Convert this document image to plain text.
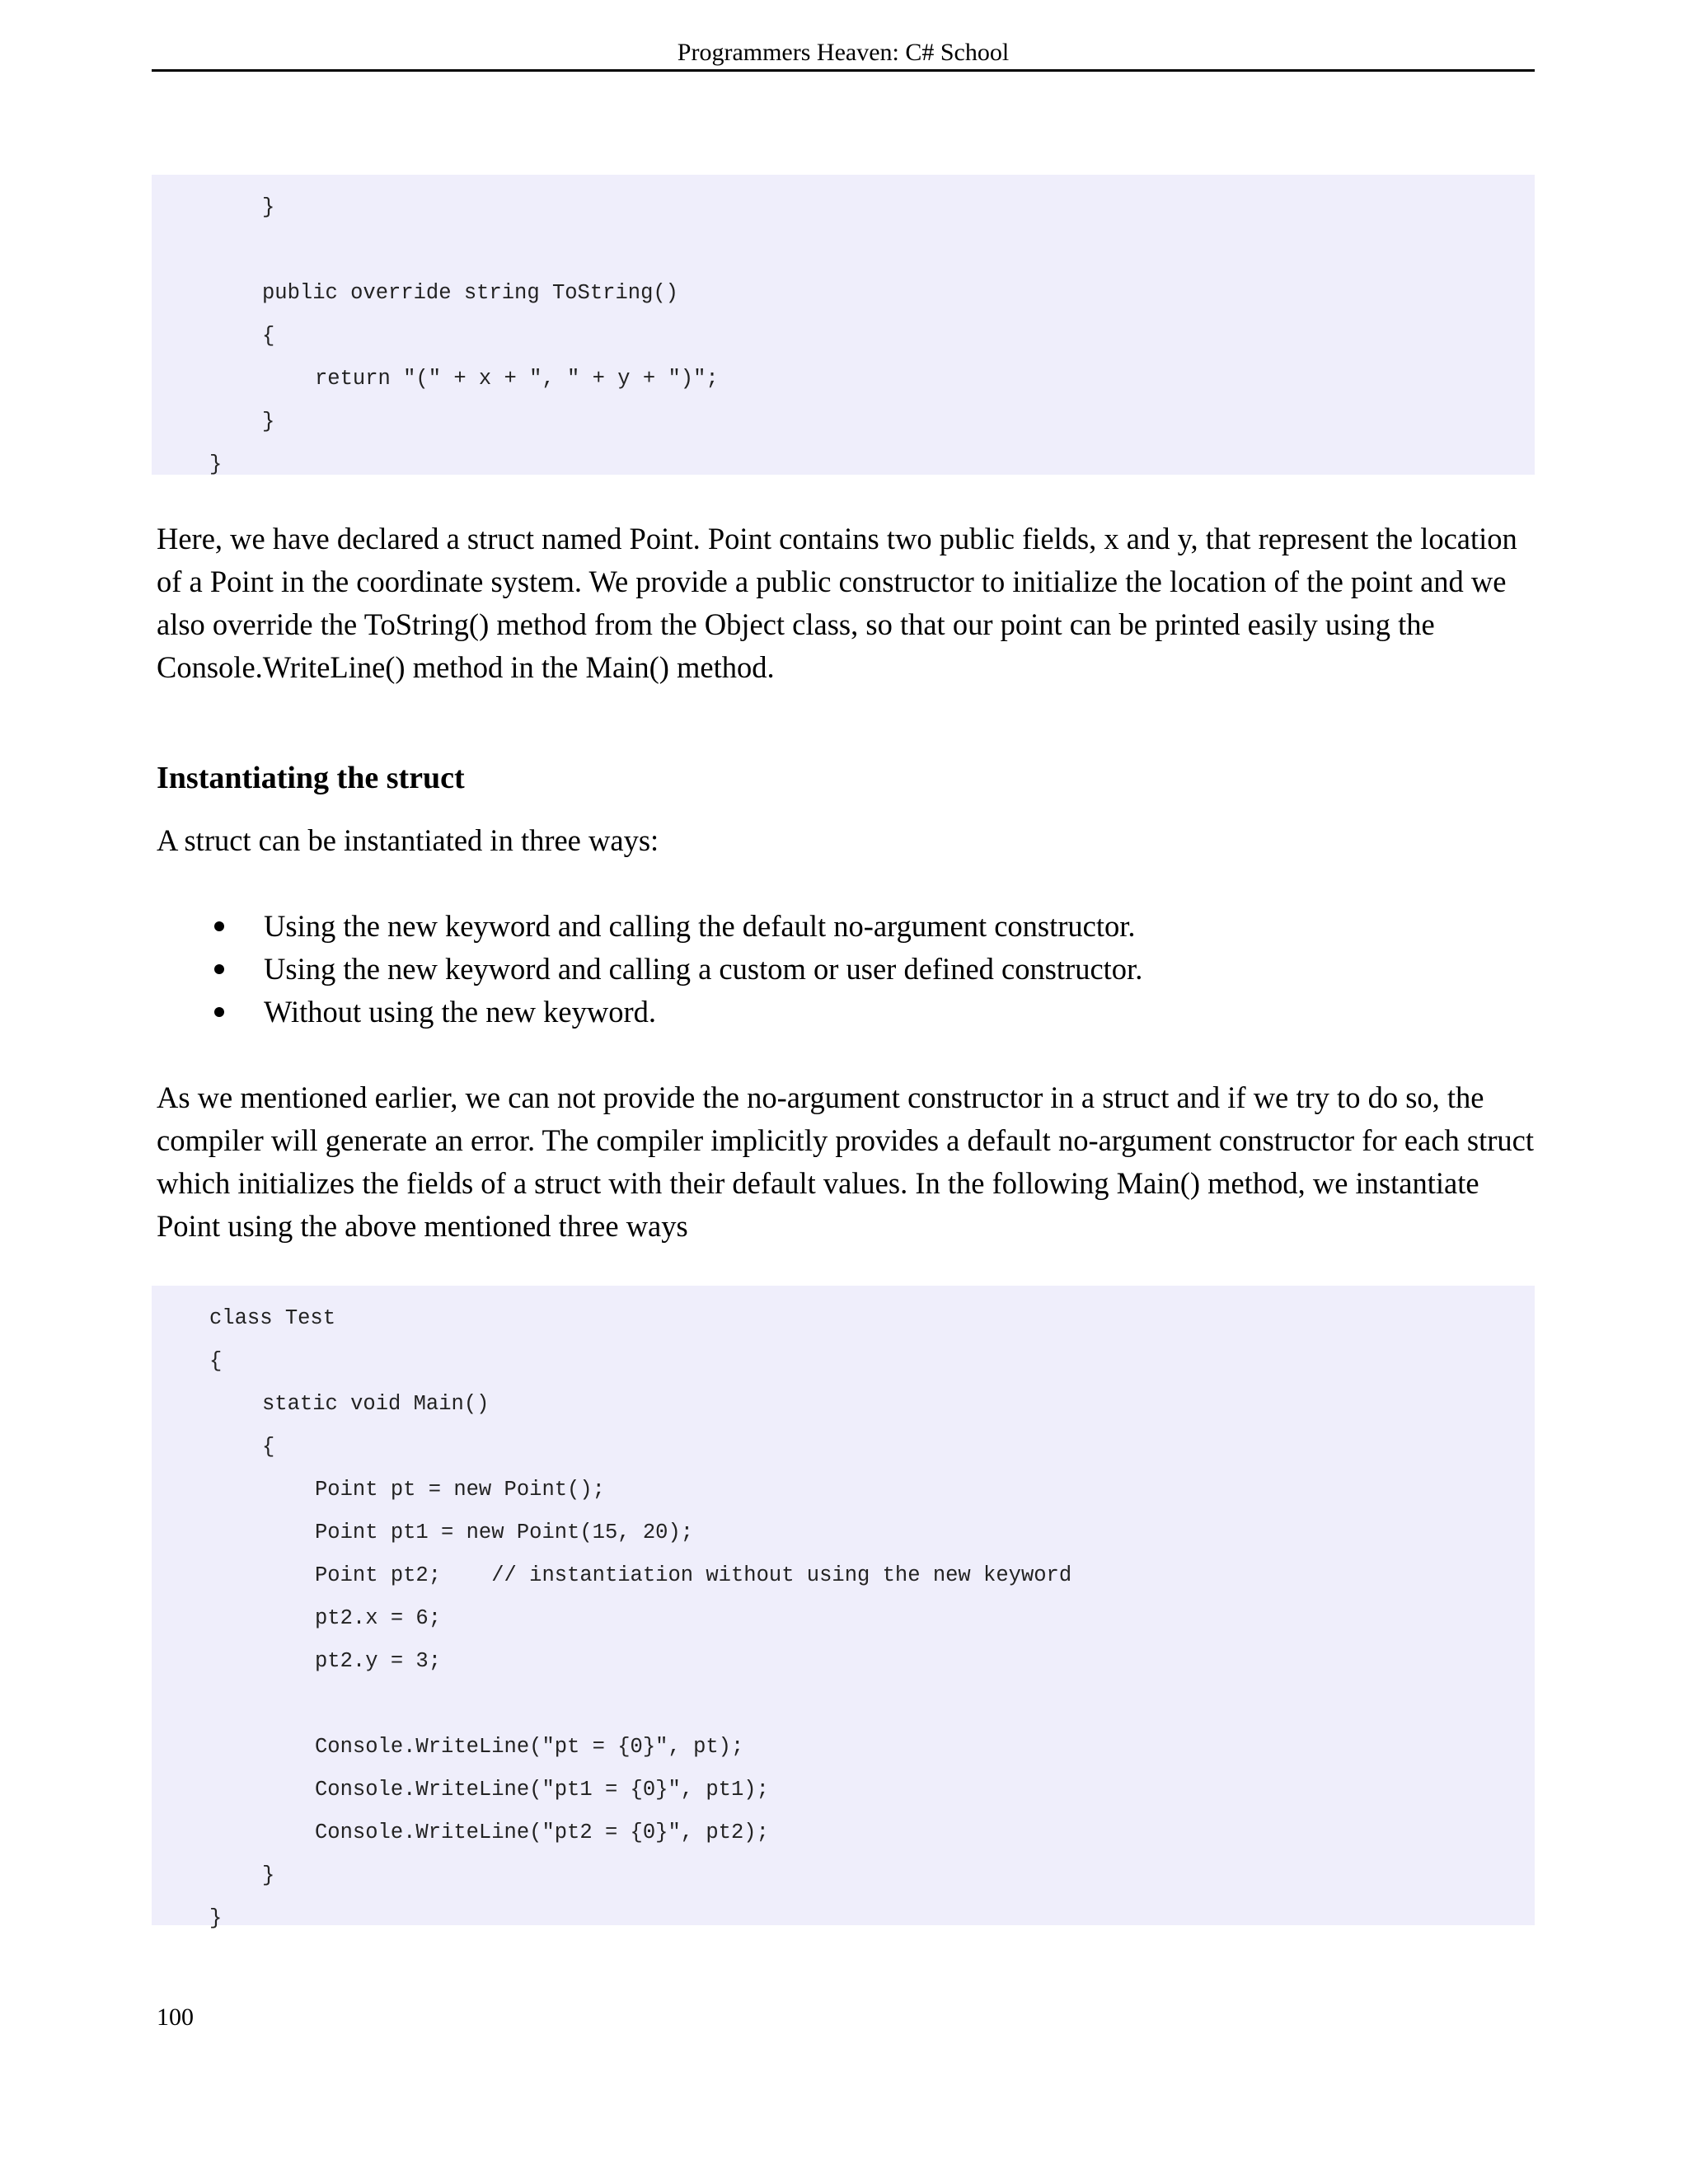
Programmers Heaven: C# School
}
public override string ToString()
{
return "(" + x + ", " + y + ")";
}
}

Here, we have declared a struct named Point. Point contains two public fields, x and y, that represent the location of a Point in the coordinate system. We provide a public constructor to initialize the location of the point and we also override the ToString() method from the Object class, so that our point can be printed easily using the Console.WriteLine() method in the Main() method.

Instantiating the struct

A struct can be instantiated in three ways:

Using the new keyword and calling the default no-argument constructor.
Using the new keyword and calling a custom or user defined constructor.
Without using the new keyword.

As we mentioned earlier, we can not provide the no-argument constructor in a struct and if we try to do so, the compiler will generate an error. The compiler implicitly provides a default no-argument constructor for each struct which initializes the fields of a struct with their default values. In the following Main() method, we instantiate Point using the above mentioned three ways

class Test
{
static void Main()
{
Point pt = new Point();
Point pt1 = new Point(15, 20);
Point pt2;    // instantiation without using the new keyword
pt2.x = 6;
pt2.y = 3;
Console.WriteLine("pt = {0}", pt);
Console.WriteLine("pt1 = {0}", pt1);
Console.WriteLine("pt2 = {0}", pt2);
}
}
100
